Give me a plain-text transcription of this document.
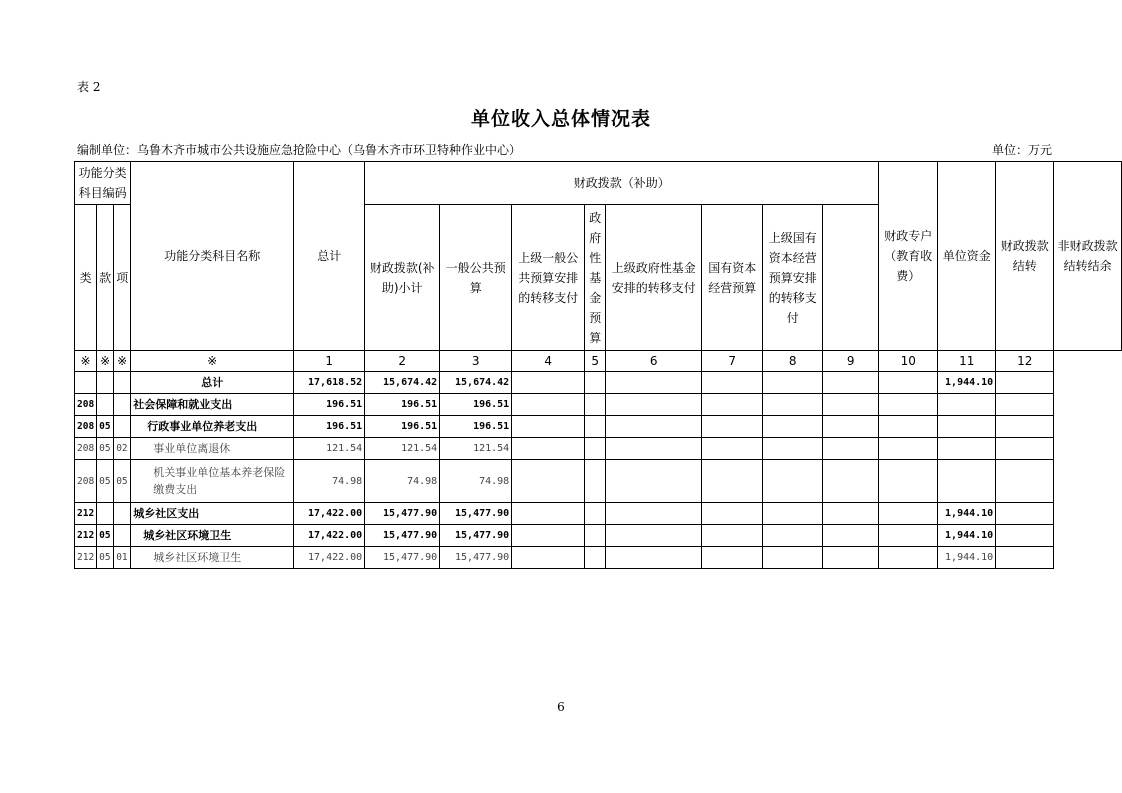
表 2
单位收入总体情况表
编制单位：乌鲁木齐市城市公共设施应急抢险中心（乌鲁木齐市环卫特种作业中心）	单位：万元
功能分类科目编码			功能分类科目名称	总计	财政拨款（补助）								财政专户（教育收费）	单位资金	财政拨款结转	非财政拨款结转结余
类	款	项			财政拨款(补助)小计	一般公共预算	上级一般公共预算安排的转移支付	政府性基金预算	上级政府性基金安排的转移支付	国有资本经营预算	上级国有资本经营预算安排的转移支付					
※	※	※	※	1	2	3	4	5	6	7	8	9	10	11	12	
			总计	17,618.52	15,674.42	15,674.42								1,944.10		
208			社会保障和就业支出	196.51	196.51	196.51										
208	05		行政事业单位养老支出	196.51	196.51	196.51										
208	05	02	事业单位离退休	121.54	121.54	121.54										
208	05	05	机关事业单位基本养老保险缴费支出	74.98	74.98	74.98										
212			城乡社区支出	17,422.00	15,477.90	15,477.90								1,944.10		
212	05		城乡社区环境卫生	17,422.00	15,477.90	15,477.90								1,944.10		
212	05	01	城乡社区环境卫生	17,422.00	15,477.90	15,477.90								1,944.10		
6
